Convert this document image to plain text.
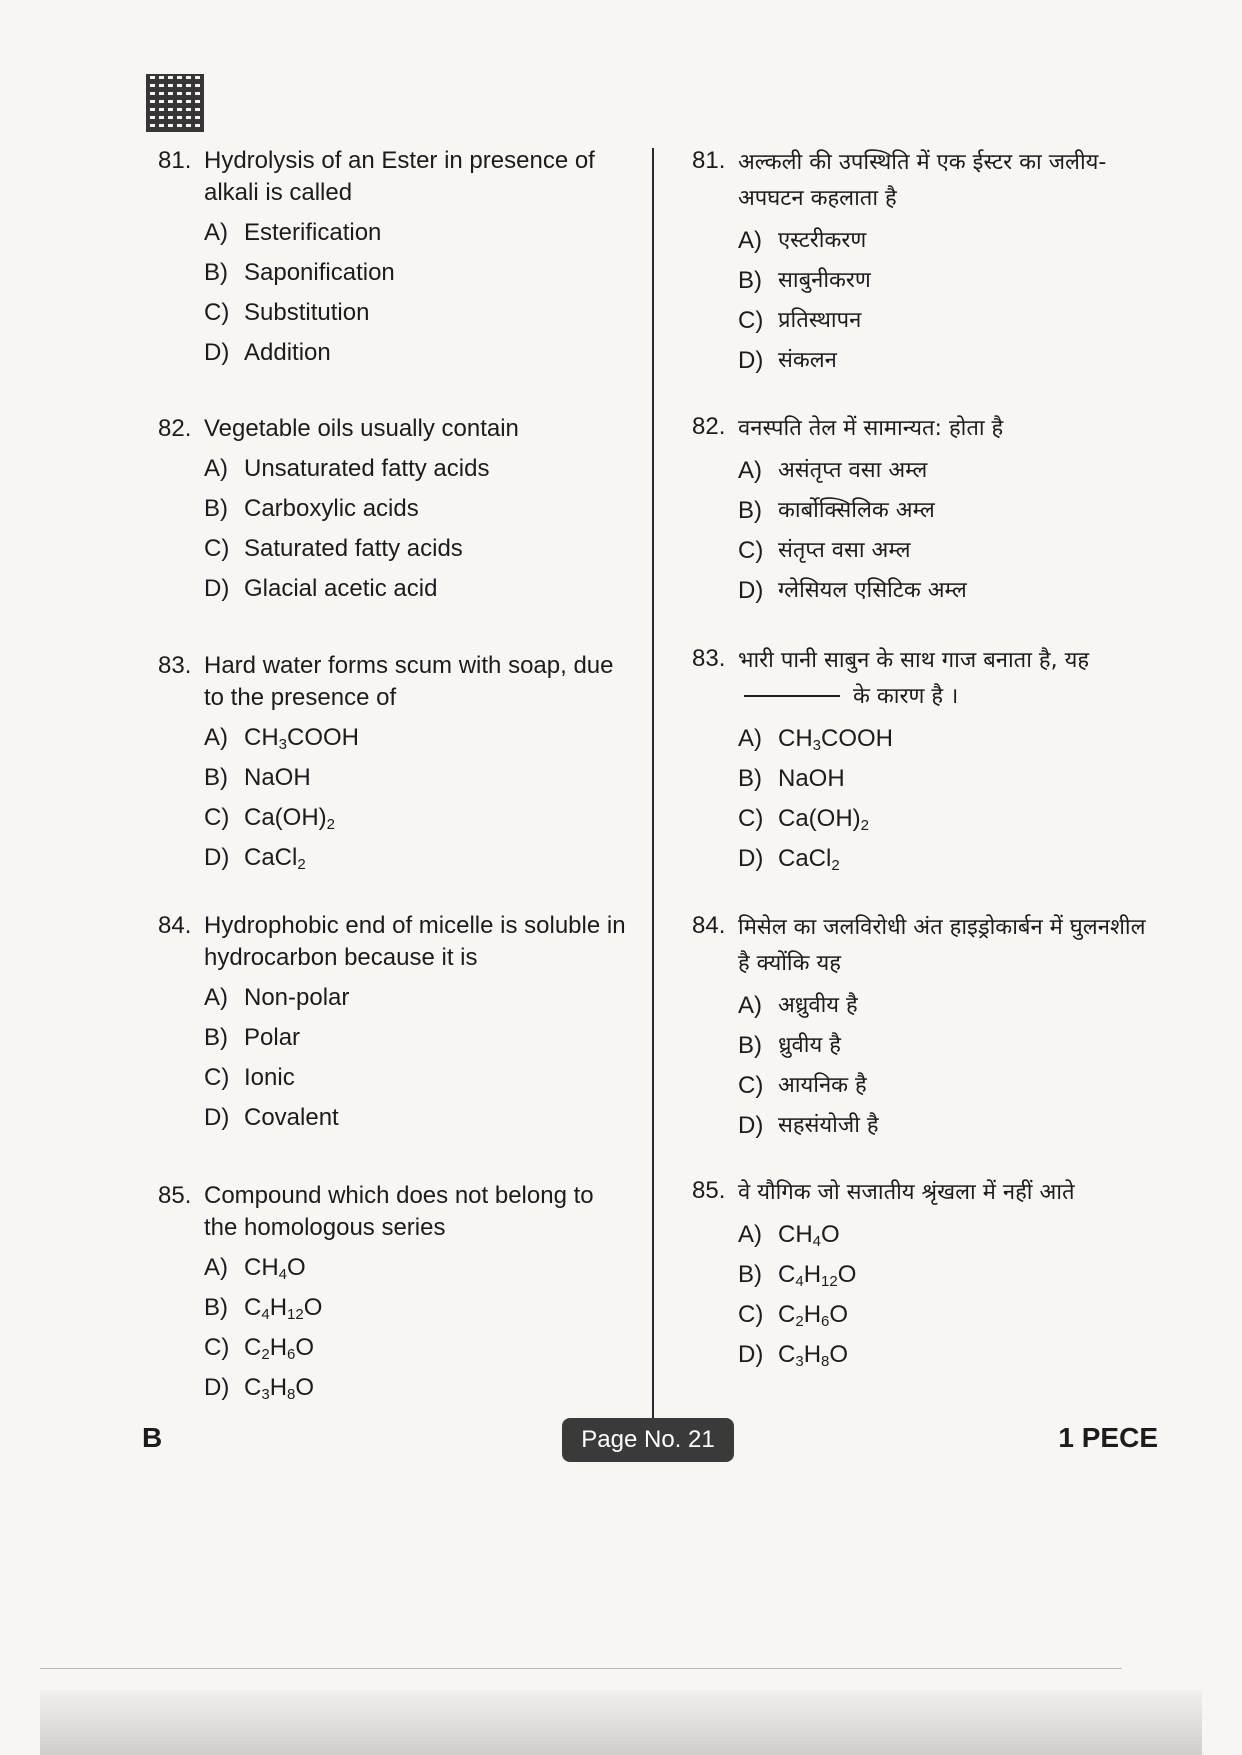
81. Hydrolysis of an Ester in presence of alkali is called
A) Esterification
B) Saponification
C) Substitution
D) Addition
82. Vegetable oils usually contain
A) Unsaturated fatty acids
B) Carboxylic acids
C) Saturated fatty acids
D) Glacial acetic acid
83. Hard water forms scum with soap, due to the presence of
A) $CH_3COOH$
B) NaOH
C) $Ca(OH)_2$
D) CaCl$_2$
84. Hydrophobic end of micelle is soluble in hydrocarbon because it is
A) Non-polar
B) Polar
C) Ionic
D) Covalent
85. Compound which does not belong to the homologous series
A) $CH_4O$
B) $C_4H_{12}O$
C) $C_2H_6O$
D) $C_3H_8O$
81. अल्कली की उपस्थिति में एक ईस्टर का जलीय-अपघटन कहलाता है
A) एस्टरीकरण
B) साबुनीकरण
C) प्रतिस्थापन
D) संकलन
82. वनस्पति तेल में सामान्यत: होता है
A) असंतृप्त वसा अम्ल
B) कार्बोक्सिलिक अम्ल
C) संतृप्त वसा अम्ल
D) ग्लेसियल एसिटिक अम्ल
83. भारी पानी साबुन के साथ गाज बनाता है, यह  के कारण है ।
A) $CH_3COOH$
B) NaOH
C) $Ca(OH)_2$
D) CaCl$_2$
84. मिसेल का जलविरोधी अंत हाइड्रोकार्बन में घुलनशील है क्योंकि यह
A) अध्रुवीय है
B) ध्रुवीय है
C) आयनिक है
D) सहसंयोजी है
85. वे यौगिक जो सजातीय श्रृंखला में नहीं आते
A) $CH_4O$
B) $C_4H_{12}O$
C) $C_2H_6O$
D) $C_3H_8O$
B	Page No. 21	1 PECE
